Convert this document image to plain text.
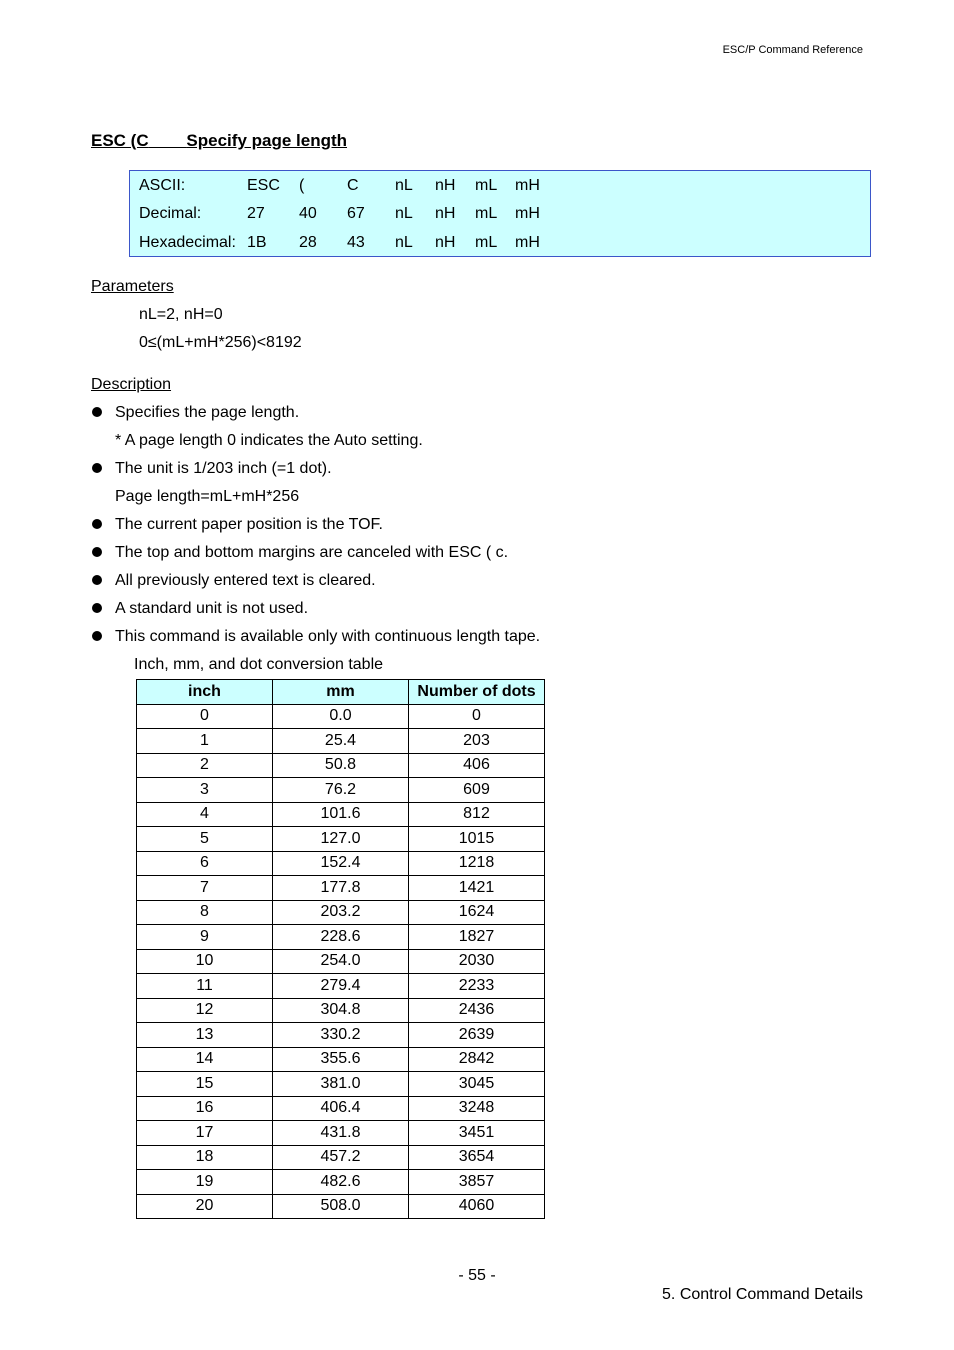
ESC/P Command Reference
ESC (C Specify page length
ASCII:	ESC (	C nL nH mL mH
Decimal:	27 40 67 nL nH mL mH
Hexadecimal: 1B 28 43 nL nH mL mH
Parameters
nL=2, nH=0
0≤(mL+mH*256)<8192
Description
Specifies the page length.
* A page length 0 indicates the Auto setting.
The unit is 1/203 inch (=1 dot).
Page length=mL+mH*256
The current paper position is the TOF.
The top and bottom margins are canceled with ESC ( c.
All previously entered text is cleared.
A standard unit is not used.
This command is available only with continuous length tape.
Inch, mm, and dot conversion table
inch	mm	Number of dots
0	0.0	0
1	25.4	203
2	50.8	406
3	76.2	609
4	101.6	812
5	127.0	1015
6	152.4	1218
7	177.8	1421
8	203.2	1624
9	228.6	1827
10	254.0	2030
11	279.4	2233
12	304.8	2436
13	330.2	2639
14	355.6	2842
15	381.0	3045
16	406.4	3248
17	431.8	3451
18	457.2	3654
19	482.6	3857
20	508.0	4060
- 55 -
5. Control Command Details
